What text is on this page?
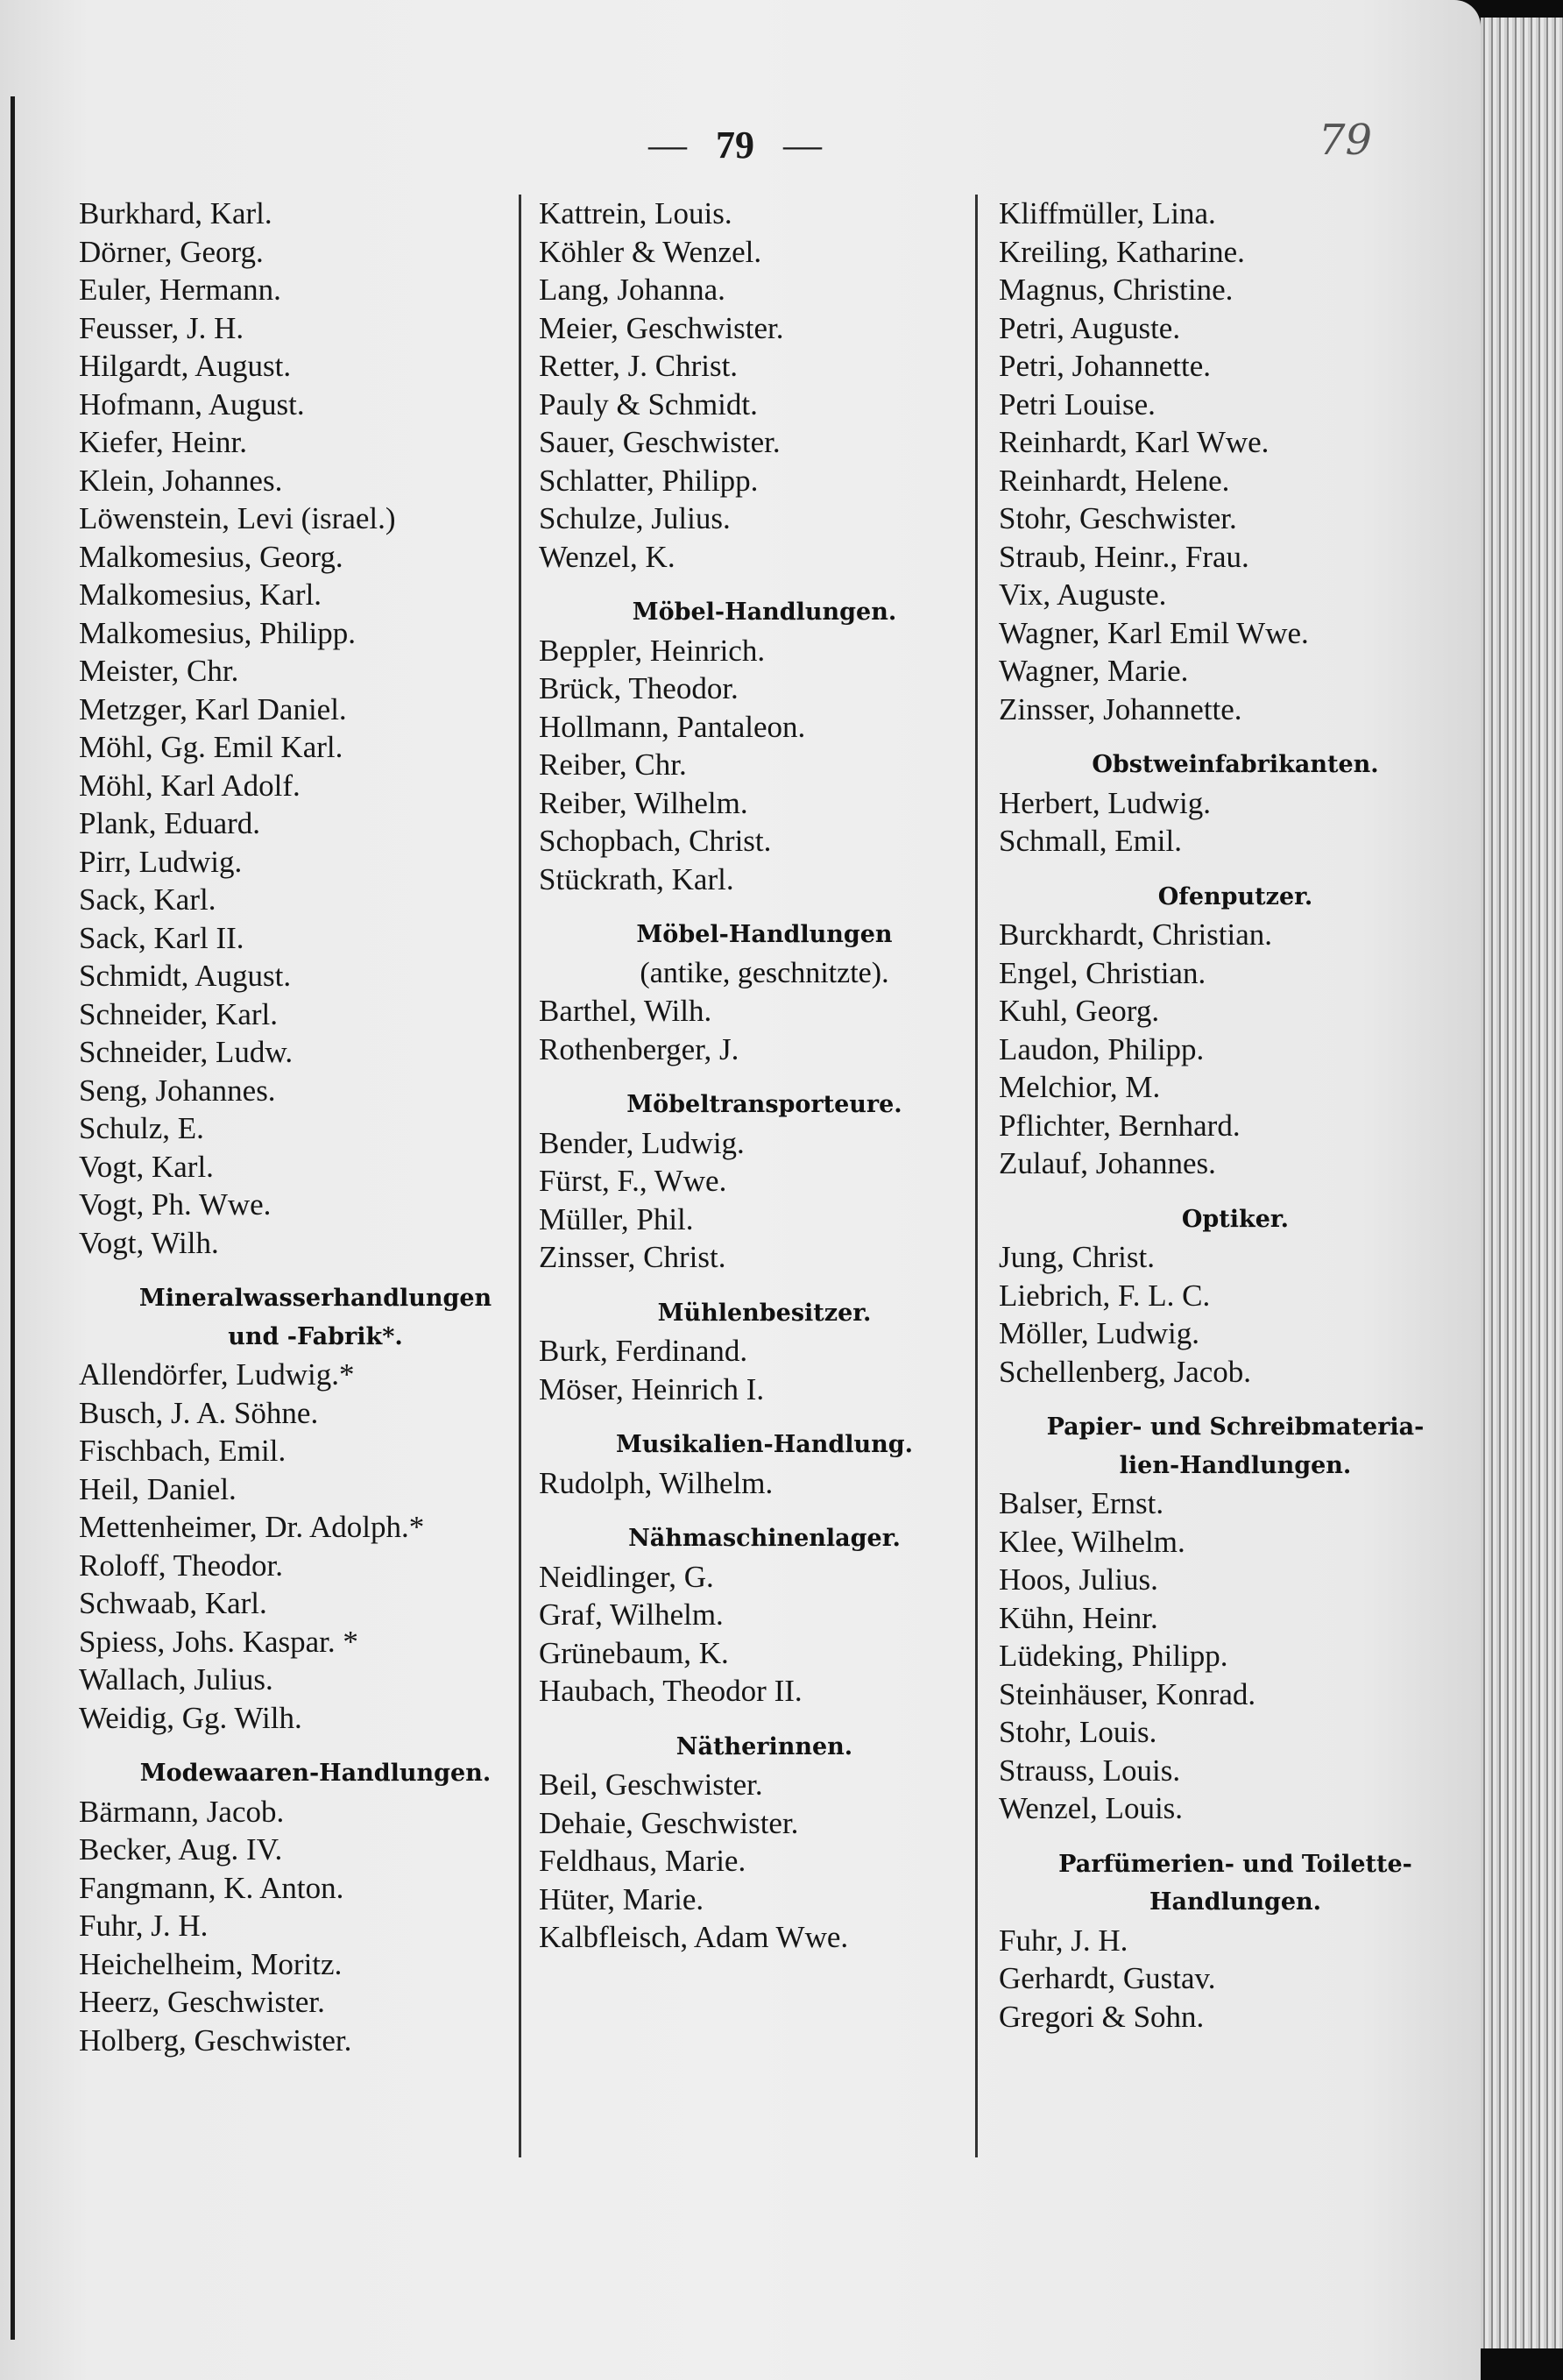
— 79 —	79
Burkhard, Karl.
Dörner, Georg.
Euler, Hermann.
Feusser, J. H.
Hilgardt, August.
Hofmann, August.
Kiefer, Heinr.
Klein, Johannes.
Löwenstein, Levi (israel.)
Malkomesius, Georg.
Malkomesius, Karl.
Malkomesius, Philipp.
Meister, Chr.
Metzger, Karl Daniel.
Möhl, Gg. Emil Karl.
Möhl, Karl Adolf.
Plank, Eduard.
Pirr, Ludwig.
Sack, Karl.
Sack, Karl II.
Schmidt, August.
Schneider, Karl.
Schneider, Ludw.
Seng, Johannes.
Schulz, E.
Vogt, Karl.
Vogt, Ph. Wwe.
Vogt, Wilh.
Mineralwasserhandlungen
und -Fabrik*.
Allendörfer, Ludwig.*
Busch, J. A. Söhne.
Fischbach, Emil.
Heil, Daniel.
Mettenheimer, Dr. Adolph.*
Roloff, Theodor.
Schwaab, Karl.
Spiess, Johs. Kaspar. *
Wallach, Julius.
Weidig, Gg. Wilh.
Modewaaren-Handlungen.
Bärmann, Jacob.
Becker, Aug. IV.
Fangmann, K. Anton.
Fuhr, J. H.
Heichelheim, Moritz.
Heerz, Geschwister.
Holberg, Geschwister.
Kattrein, Louis.
Köhler & Wenzel.
Lang, Johanna.
Meier, Geschwister.
Retter, J. Christ.
Pauly & Schmidt.
Sauer, Geschwister.
Schlatter, Philipp.
Schulze, Julius.
Wenzel, K.
Möbel-Handlungen.
Beppler, Heinrich.
Brück, Theodor.
Hollmann, Pantaleon.
Reiber, Chr.
Reiber, Wilhelm.
Schopbach, Christ.
Stückrath, Karl.
Möbel-Handlungen
(antike, geschnitzte).
Barthel, Wilh.
Rothenberger, J.
Möbeltransporteure.
Bender, Ludwig.
Fürst, F., Wwe.
Müller, Phil.
Zinsser, Christ.
Mühlenbesitzer.
Burk, Ferdinand.
Möser, Heinrich I.
Musikalien-Handlung.
Rudolph, Wilhelm.
Nähmaschinenlager.
Neidlinger, G.
Graf, Wilhelm.
Grünebaum, K.
Haubach, Theodor II.
Nätherinnen.
Beil, Geschwister.
Dehaie, Geschwister.
Feldhaus, Marie.
Hüter, Marie.
Kalbfleisch, Adam Wwe.
Kliffmüller, Lina.
Kreiling, Katharine.
Magnus, Christine.
Petri, Auguste.
Petri, Johannette.
Petri Louise.
Reinhardt, Karl Wwe.
Reinhardt, Helene.
Stohr, Geschwister.
Straub, Heinr., Frau.
Vix, Auguste.
Wagner, Karl Emil Wwe.
Wagner, Marie.
Zinsser, Johannette.
Obstweinfabrikanten.
Herbert, Ludwig.
Schmall, Emil.
Ofenputzer.
Burckhardt, Christian.
Engel, Christian.
Kuhl, Georg.
Laudon, Philipp.
Melchior, M.
Pflichter, Bernhard.
Zulauf, Johannes.
Optiker.
Jung, Christ.
Liebrich, F. L. C.
Möller, Ludwig.
Schellenberg, Jacob.
Papier- und Schreibmateria-
lien-Handlungen.
Balser, Ernst.
Klee, Wilhelm.
Hoos, Julius.
Kühn, Heinr.
Lüdeking, Philipp.
Steinhäuser, Konrad.
Stohr, Louis.
Strauss, Louis.
Wenzel, Louis.
Parfümerien- und Toilette-
Handlungen.
Fuhr, J. H.
Gerhardt, Gustav.
Gregori & Sohn.
